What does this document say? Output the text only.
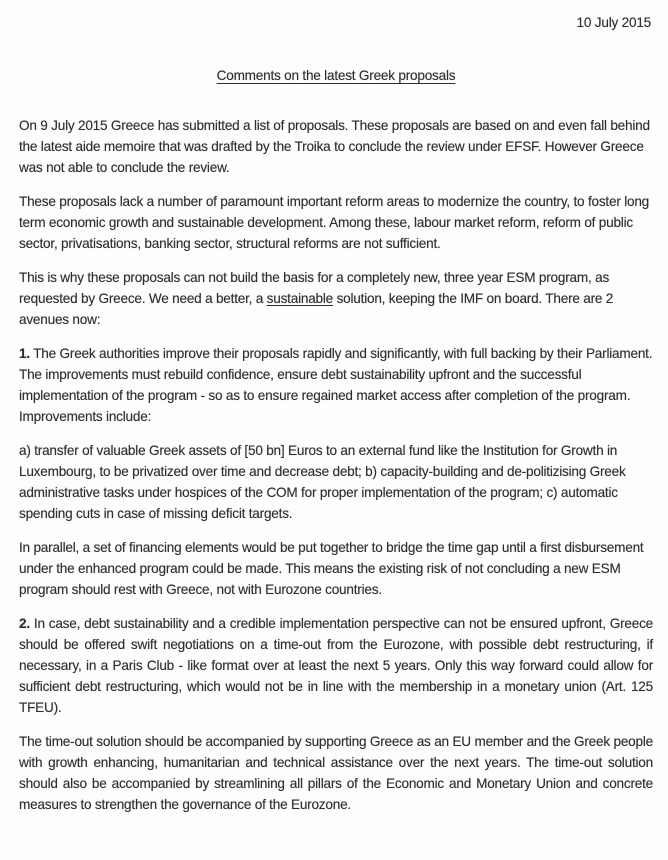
10 July 2015
Comments on the latest Greek proposals

On 9 July 2015 Greece has submitted a list of proposals. These proposals are based on and even fall behind the latest aide memoire that was drafted by the Troika to conclude the review under EFSF. However Greece was not able to conclude the review.

These proposals lack a number of paramount important reform areas to modernize the country, to foster long term economic growth and sustainable development. Among these, labour market reform, reform of public sector, privatisations, banking sector, structural reforms are not sufficient.

This is why these proposals can not build the basis for a completely new, three year ESM program, as requested by Greece. We need a better, a sustainable solution, keeping the IMF on board. There are 2 avenues now:

1. The Greek authorities improve their proposals rapidly and significantly, with full backing by their Parliament. The improvements must rebuild confidence, ensure debt sustainability upfront and the successful implementation of the program - so as to ensure regained market access after completion of the program. Improvements include:

a) transfer of valuable Greek assets of [50 bn] Euros to an external fund like the Institution for Growth in Luxembourg, to be privatized over time and decrease debt; b) capacity-building and de-politizising Greek administrative tasks under hospices of the COM for proper implementation of the program; c) automatic spending cuts in case of missing deficit targets.

In parallel, a set of financing elements would be put together to bridge the time gap until a first disbursement under the enhanced program could be made. This means the existing risk of not concluding a new ESM program should rest with Greece, not with Eurozone countries.

2. In case, debt sustainability and a credible implementation perspective can not be ensured upfront, Greece should be offered swift negotiations on a time-out from the Eurozone, with possible debt restructuring, if necessary, in a Paris Club - like format over at least the next 5 years. Only this way forward could allow for sufficient debt restructuring, which would not be in line with the membership in a monetary union (Art. 125 TFEU).

The time-out solution should be accompanied by supporting Greece as an EU member and the Greek people with growth enhancing, humanitarian and technical assistance over the next years. The time-out solution should also be accompanied by streamlining all pillars of the Economic and Monetary Union and concrete measures to strengthen the governance of the Eurozone.
